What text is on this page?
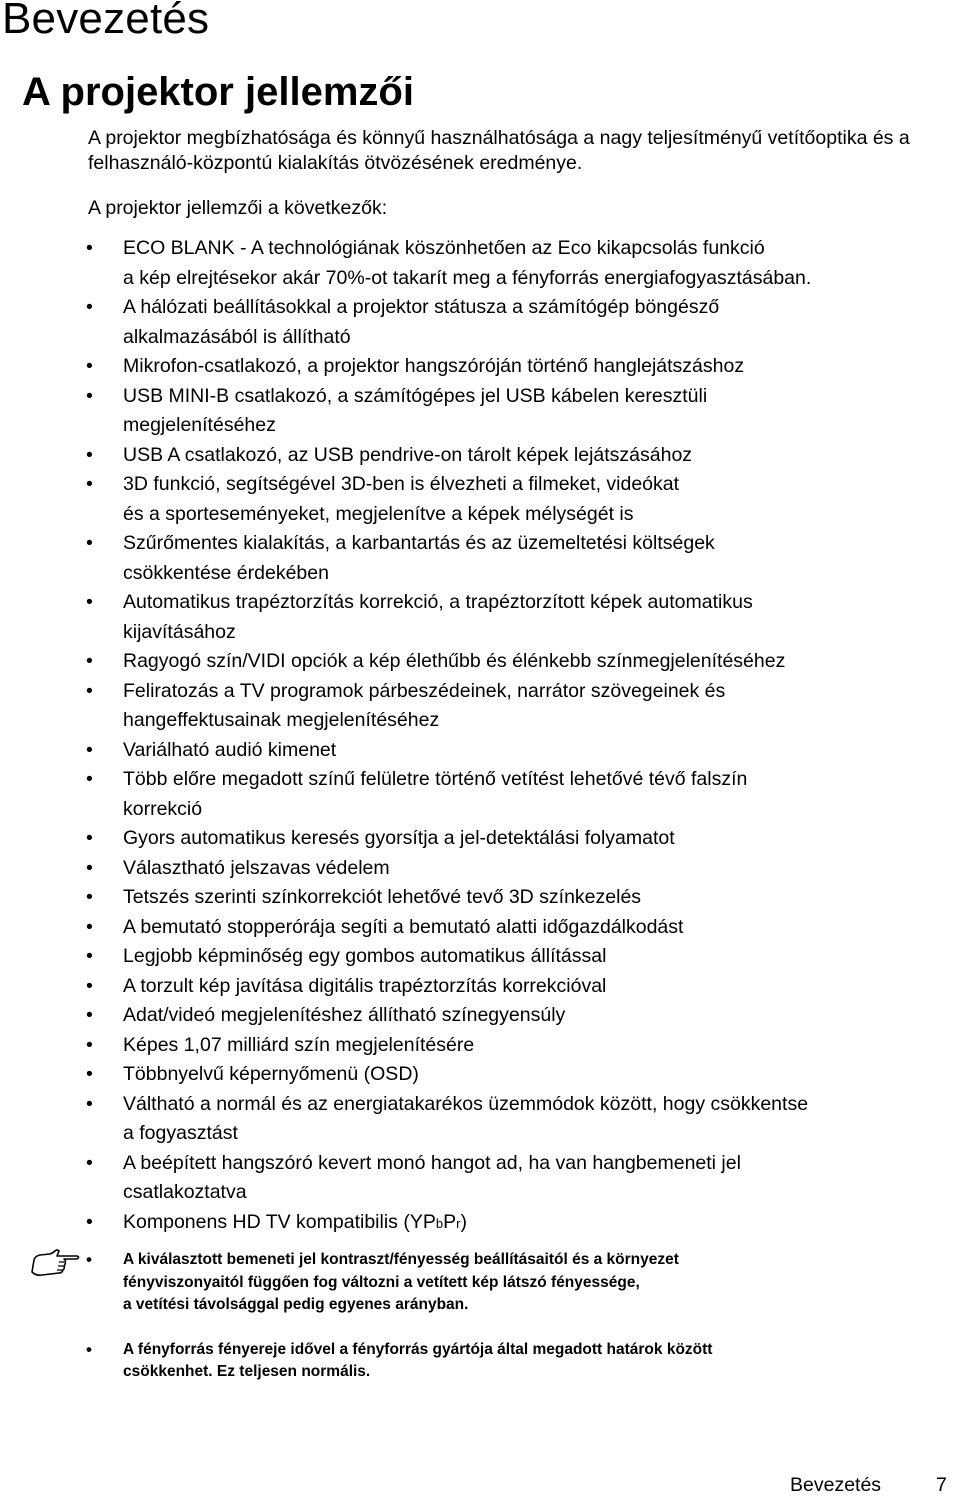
Bevezetés
A projektor jellemzői

A projektor megbízhatósága és könnyű használhatósága a nagy teljesítményű vetítőoptika és a felhasználó-központú kialakítás ötvözésének eredménye.

A projektor jellemzői a következők:

• ECO BLANK - A technológiának köszönhetően az Eco kikapcsolás funkció
a kép elrejtésekor akár 70%-ot takarít meg a fényforrás energiafogyasztásában.
• A hálózati beállításokkal a projektor státusza a számítógép böngésző
alkalmazásából is állítható
• Mikrofon-csatlakozó, a projektor hangszóróján történő hanglejátszáshoz
• USB MINI-B csatlakozó, a számítógépes jel USB kábelen keresztüli
megjelenítéséhez
• USB A csatlakozó, az USB pendrive-on tárolt képek lejátszásához
• 3D funkció, segítségével 3D-ben is élvezheti a filmeket, videókat
és a sporteseményeket, megjelenítve a képek mélységét is
• Szűrőmentes kialakítás, a karbantartás és az üzemeltetési költségek
csökkentése érdekében
• Automatikus trapéztorzítás korrekció, a trapéztorzított képek automatikus
kijavításához
• Ragyogó szín/VIDI opciók a kép élethűbb és élénkebb színmegjelenítéséhez
• Feliratozás a TV programok párbeszédeinek, narrátor szövegeinek és
hangeffektusainak megjelenítéséhez
• Variálható audió kimenet
• Több előre megadott színű felületre történő vetítést lehetővé tévő falszín
korrekció
• Gyors automatikus keresés gyorsítja a jel-detektálási folyamatot
• Választható jelszavas védelem
• Tetszés szerinti színkorrekciót lehetővé tevő 3D színkezelés
• A bemutató stopperórája segíti a bemutató alatti időgazdálkodást
• Legjobb képminőség egy gombos automatikus állítással
• A torzult kép javítása digitális trapéztorzítás korrekcióval
• Adat/videó megjelenítéshez állítható színegyensúly
• Képes 1,07 milliárd szín megjelenítésére
• Többnyelvű képernyőmenü (OSD)
• Váltható a normál és az energiatakarékos üzemmódok között, hogy csökkentse
a fogyasztást
• A beépített hangszóró kevert monó hangot ad, ha van hangbemeneti jel
csatlakoztatva
• Komponens HD TV kompatibilis (YPbPr)
• A kiválasztott bemeneti jel kontraszt/fényesség beállításaitól és a környezet
fényviszonyaitól függően fog változni a vetített kép látszó fényessége,
a vetítési távolsággal pedig egyenes arányban.
• A fényforrás fényereje idővel a fényforrás gyártója által megadott határok között
csökkenhet. Ez teljesen normális.
Bevezetés	7
